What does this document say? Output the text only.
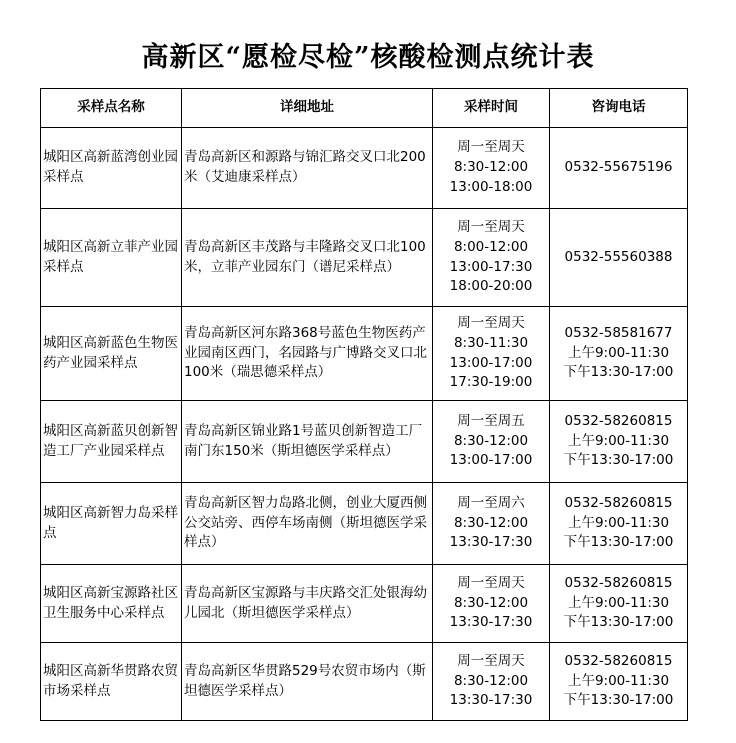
高新区“愿检尽检”核酸检测点统计表
采样点名称	详细地址	采样时间	咨询电话
城阳区高新蓝湾创业园采样点	青岛高新区和源路与锦汇路交叉口北200米（艾迪康采样点）	周一至周天
8:30-12:00
13:00-18:00	0532-55675196

城阳区高新立菲产业园采样点	青岛高新区丰茂路与丰隆路交叉口北100米，立菲产业园东门（谱尼采样点）	周一至周天
8:00-12:00
13:00-17:30
18:00-20:00	0532-55560388

城阳区高新蓝色生物医药产业园采样点	青岛高新区河东路368号蓝色生物医药产业园南区西门，名园路与广博路交叉口北100米（瑞思德采样点）	周一至周天
8:30-11:30
13:00-17:00
17:30-19:00	0532-58581677
上午9:00-11:30
下午13:30-17:00

城阳区高新蓝贝创新智造工厂产业园采样点	青岛高新区锦业路1号蓝贝创新智造工厂南门东150米（斯坦德医学采样点）	周一至周五
8:30-12:00
13:00-17:00	0532-58260815
上午9:00-11:30
下午13:30-17:00

城阳区高新智力岛采样点	青岛高新区智力岛路北侧，创业大厦西侧公交站旁、西停车场南侧（斯坦德医学采样点）	周一至周六
8:30-12:00
13:30-17:30	0532-58260815
上午9:00-11:30
下午13:30-17:00

城阳区高新宝源路社区卫生服务中心采样点	青岛高新区宝源路与丰庆路交汇处银海幼儿园北（斯坦德医学采样点）	周一至周天
8:30-12:00
13:30-17:30	0532-58260815
上午9:00-11:30
下午13:30-17:00

城阳区高新华贯路农贸市场采样点	青岛高新区华贯路529号农贸市场内（斯坦德医学采样点）	周一至周天
8:30-12:00
13:30-17:30	0532-58260815
上午9:00-11:30
下午13:30-17:00
